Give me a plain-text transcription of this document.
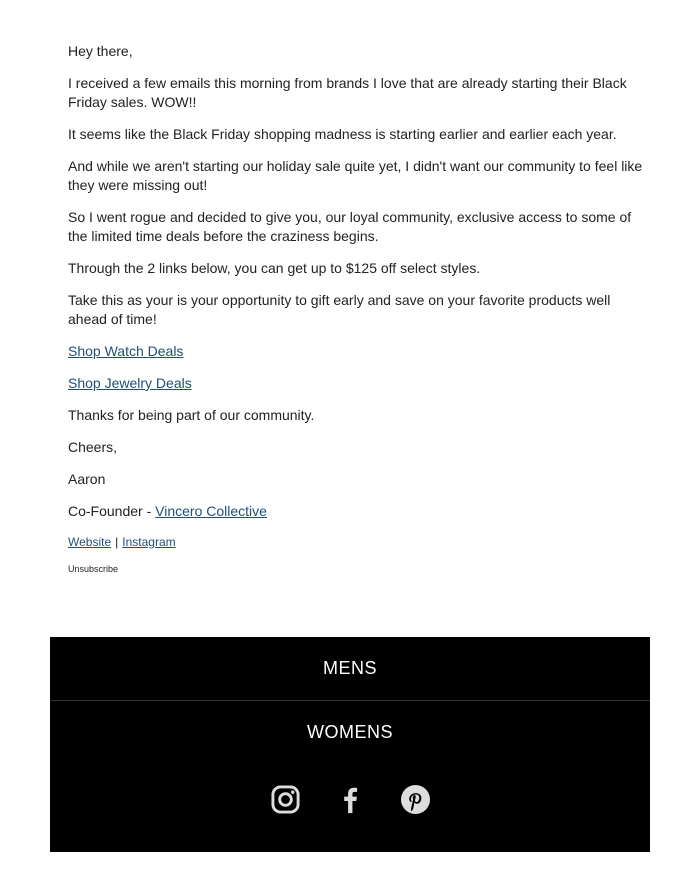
Hey there,

I received a few emails this morning from brands I love that are already starting their Black Friday sales. WOW!!

It seems like the Black Friday shopping madness is starting earlier and earlier each year.

And while we aren't starting our holiday sale quite yet, I didn't want our community to feel like they were missing out!

So I went rogue and decided to give you, our loyal community, exclusive access to some of the limited time deals before the craziness begins.

Through the 2 links below, you can get up to $125 off select styles.

Take this as your is your opportunity to gift early and save on your favorite products well ahead of time!

Shop Watch Deals

Shop Jewelry Deals

Thanks for being part of our community.

Cheers,

Aaron

Co-Founder - Vincero Collective

Website | Instagram
Unsubscribe
MENS
WOMENS
